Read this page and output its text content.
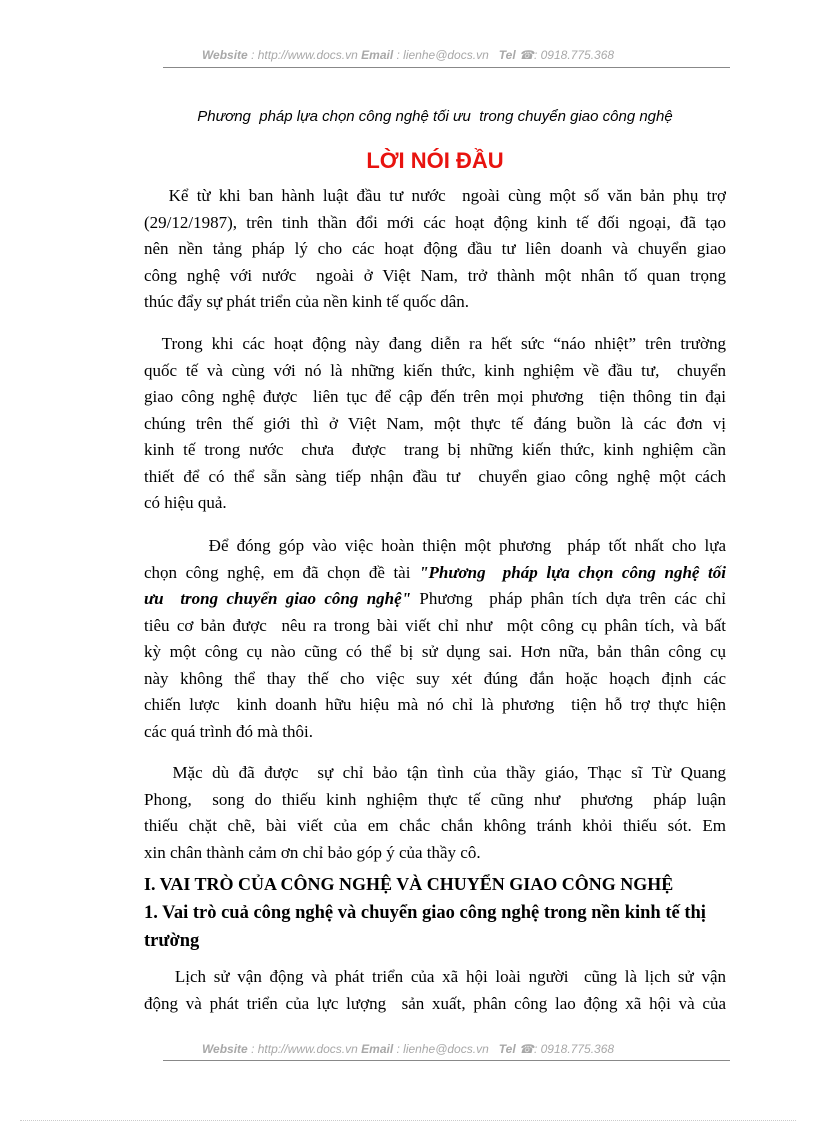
Website : http://www.docs.vn Email : lienhe@docs.vn Tel ☎: 0918.775.368
Phương  pháp lựa chọn công nghệ tối ưu  trong chuyển giao công nghệ
LỜI NÓI ĐẦU
Kể từ khi ban hành luật đầu tư nước  ngoài cùng một số văn bản phụ trợ
(29/12/1987), trên tinh thần đổi mới các hoạt động kinh tế đối ngoại, đã tạo
nên nền tảng pháp lý cho các hoạt động đầu tư liên doanh và chuyển giao
công nghệ với nước  ngoài ở Việt Nam, trở thành một nhân tố quan trọng
thúc đẩy sự phát triển của nền kinh tế quốc dân.
Trong khi các hoạt động này đang diễn ra hết sức “náo nhiệt” trên trường
quốc tế và cùng với nó là những kiến thức, kinh nghiệm về đầu tư,  chuyển
giao công nghệ được  liên tục để cập đến trên mọi phương  tiện thông tin đại
chúng trên thế giới thì ở Việt Nam, một thực tế đáng buồn là các đơn vị
kinh tế trong nước  chưa  được  trang bị những kiến thức, kinh nghiệm cần
thiết để có thể sẵn sàng tiếp nhận đầu tư  chuyển giao công nghệ một cách
có hiệu quả.
Để đóng góp vào việc hoàn thiện một phương  pháp tốt nhất cho lựa
chọn công nghệ, em đã chọn đề tài "Phương  pháp lựa chọn công nghệ tối
ưu  trong chuyển giao công nghệ" Phương  pháp phân tích dựa trên các chỉ
tiêu cơ bản được  nêu ra trong bài viết chỉ như  một công cụ phân tích, và bất
kỳ một công cụ nào cũng có thể bị sử dụng sai. Hơn nữa, bản thân công cụ
này không thể thay thế cho việc suy xét đúng đắn hoặc hoạch định các
chiến lược  kinh doanh hữu hiệu mà nó chỉ là phương  tiện hỗ trợ thực hiện
các quá trình đó mà thôi.
Mặc dù đã được  sự chỉ bảo tận tình của thầy giáo, Thạc sĩ Từ Quang
Phong,  song do thiếu kinh nghiệm thực tế cũng như  phương  pháp luận
thiếu chặt chẽ, bài viết của em chắc chắn không tránh khỏi thiếu sót. Em
xin chân thành cảm ơn chỉ bảo góp ý của thầy cô.
I. VAI TRÒ CỦA CÔNG NGHỆ VÀ CHUYỂN GIAO CÔNG NGHỆ
1. Vai trò cuả công nghệ và chuyển giao công nghệ trong nền kinh tế thị trường
Lịch sử vận động và phát triển của xã hội loài người  cũng là lịch sử vận
động và phát triển của lực lượng  sản xuất, phân công lao động xã hội và của
Website : http://www.docs.vn Email : lienhe@docs.vn Tel ☎: 0918.775.368
